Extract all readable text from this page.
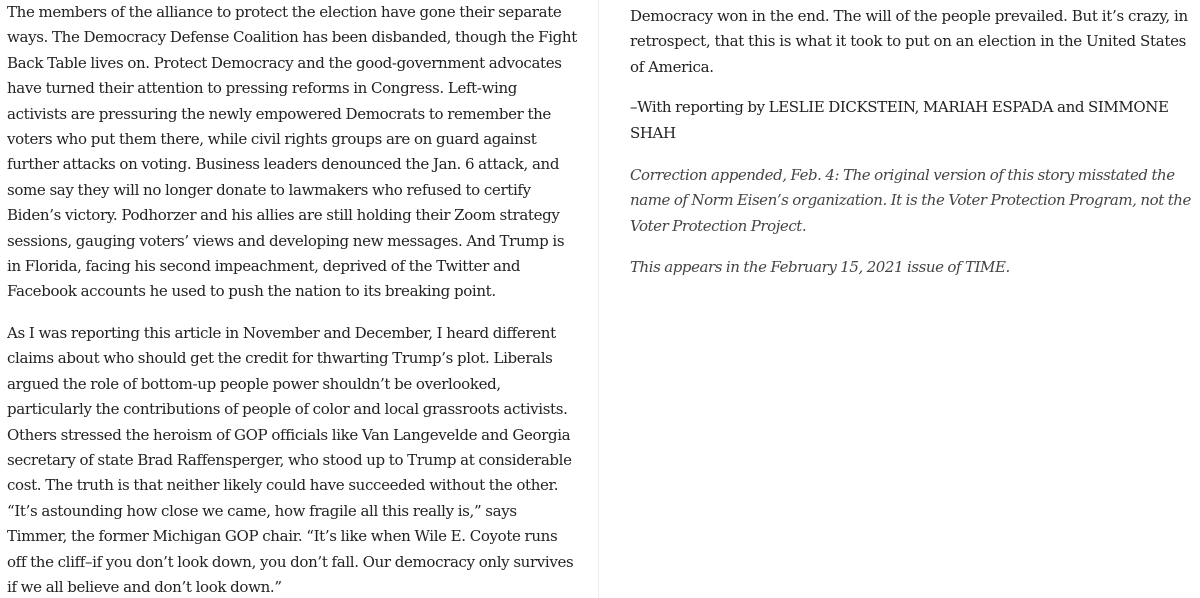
The members of the alliance to protect the election have gone their separate ways. The Democracy Defense Coalition has been disbanded, though the Fight Back Table lives on. Protect Democracy and the good-government advocates have turned their attention to pressing reforms in Congress. Left-wing activists are pressuring the newly empowered Democrats to remember the voters who put them there, while civil rights groups are on guard against further attacks on voting. Business leaders denounced the Jan. 6 attack, and some say they will no longer donate to lawmakers who refused to certify Biden’s victory. Podhorzer and his allies are still holding their Zoom strategy sessions, gauging voters’ views and developing new messages. And Trump is in Florida, facing his second impeachment, deprived of the Twitter and Facebook accounts he used to push the nation to its breaking point.

As I was reporting this article in November and December, I heard different claims about who should get the credit for thwarting Trump’s plot. Liberals argued the role of bottom-up people power shouldn’t be overlooked, particularly the contributions of people of color and local grassroots activists. Others stressed the heroism of GOP officials like Van Langevelde and Georgia secretary of state Brad Raffensperger, who stood up to Trump at considerable cost. The truth is that neither likely could have succeeded without the other. “It’s astounding how close we came, how fragile all this really is,” says Timmer, the former Michigan GOP chair. “It’s like when Wile E. Coyote runs off the cliff–if you don’t look down, you don’t fall. Our democracy only survives if we all believe and don’t look down.”

Democracy won in the end. The will of the people prevailed. But it’s crazy, in retrospect, that this is what it took to put on an election in the United States of America.

–With reporting by LESLIE DICKSTEIN, MARIAH ESPADA and SIMMONE SHAH

Correction appended, Feb. 4: The original version of this story misstated the name of Norm Eisen’s organization. It is the Voter Protection Program, not the Voter Protection Project.

This appears in the February 15, 2021 issue of TIME.
